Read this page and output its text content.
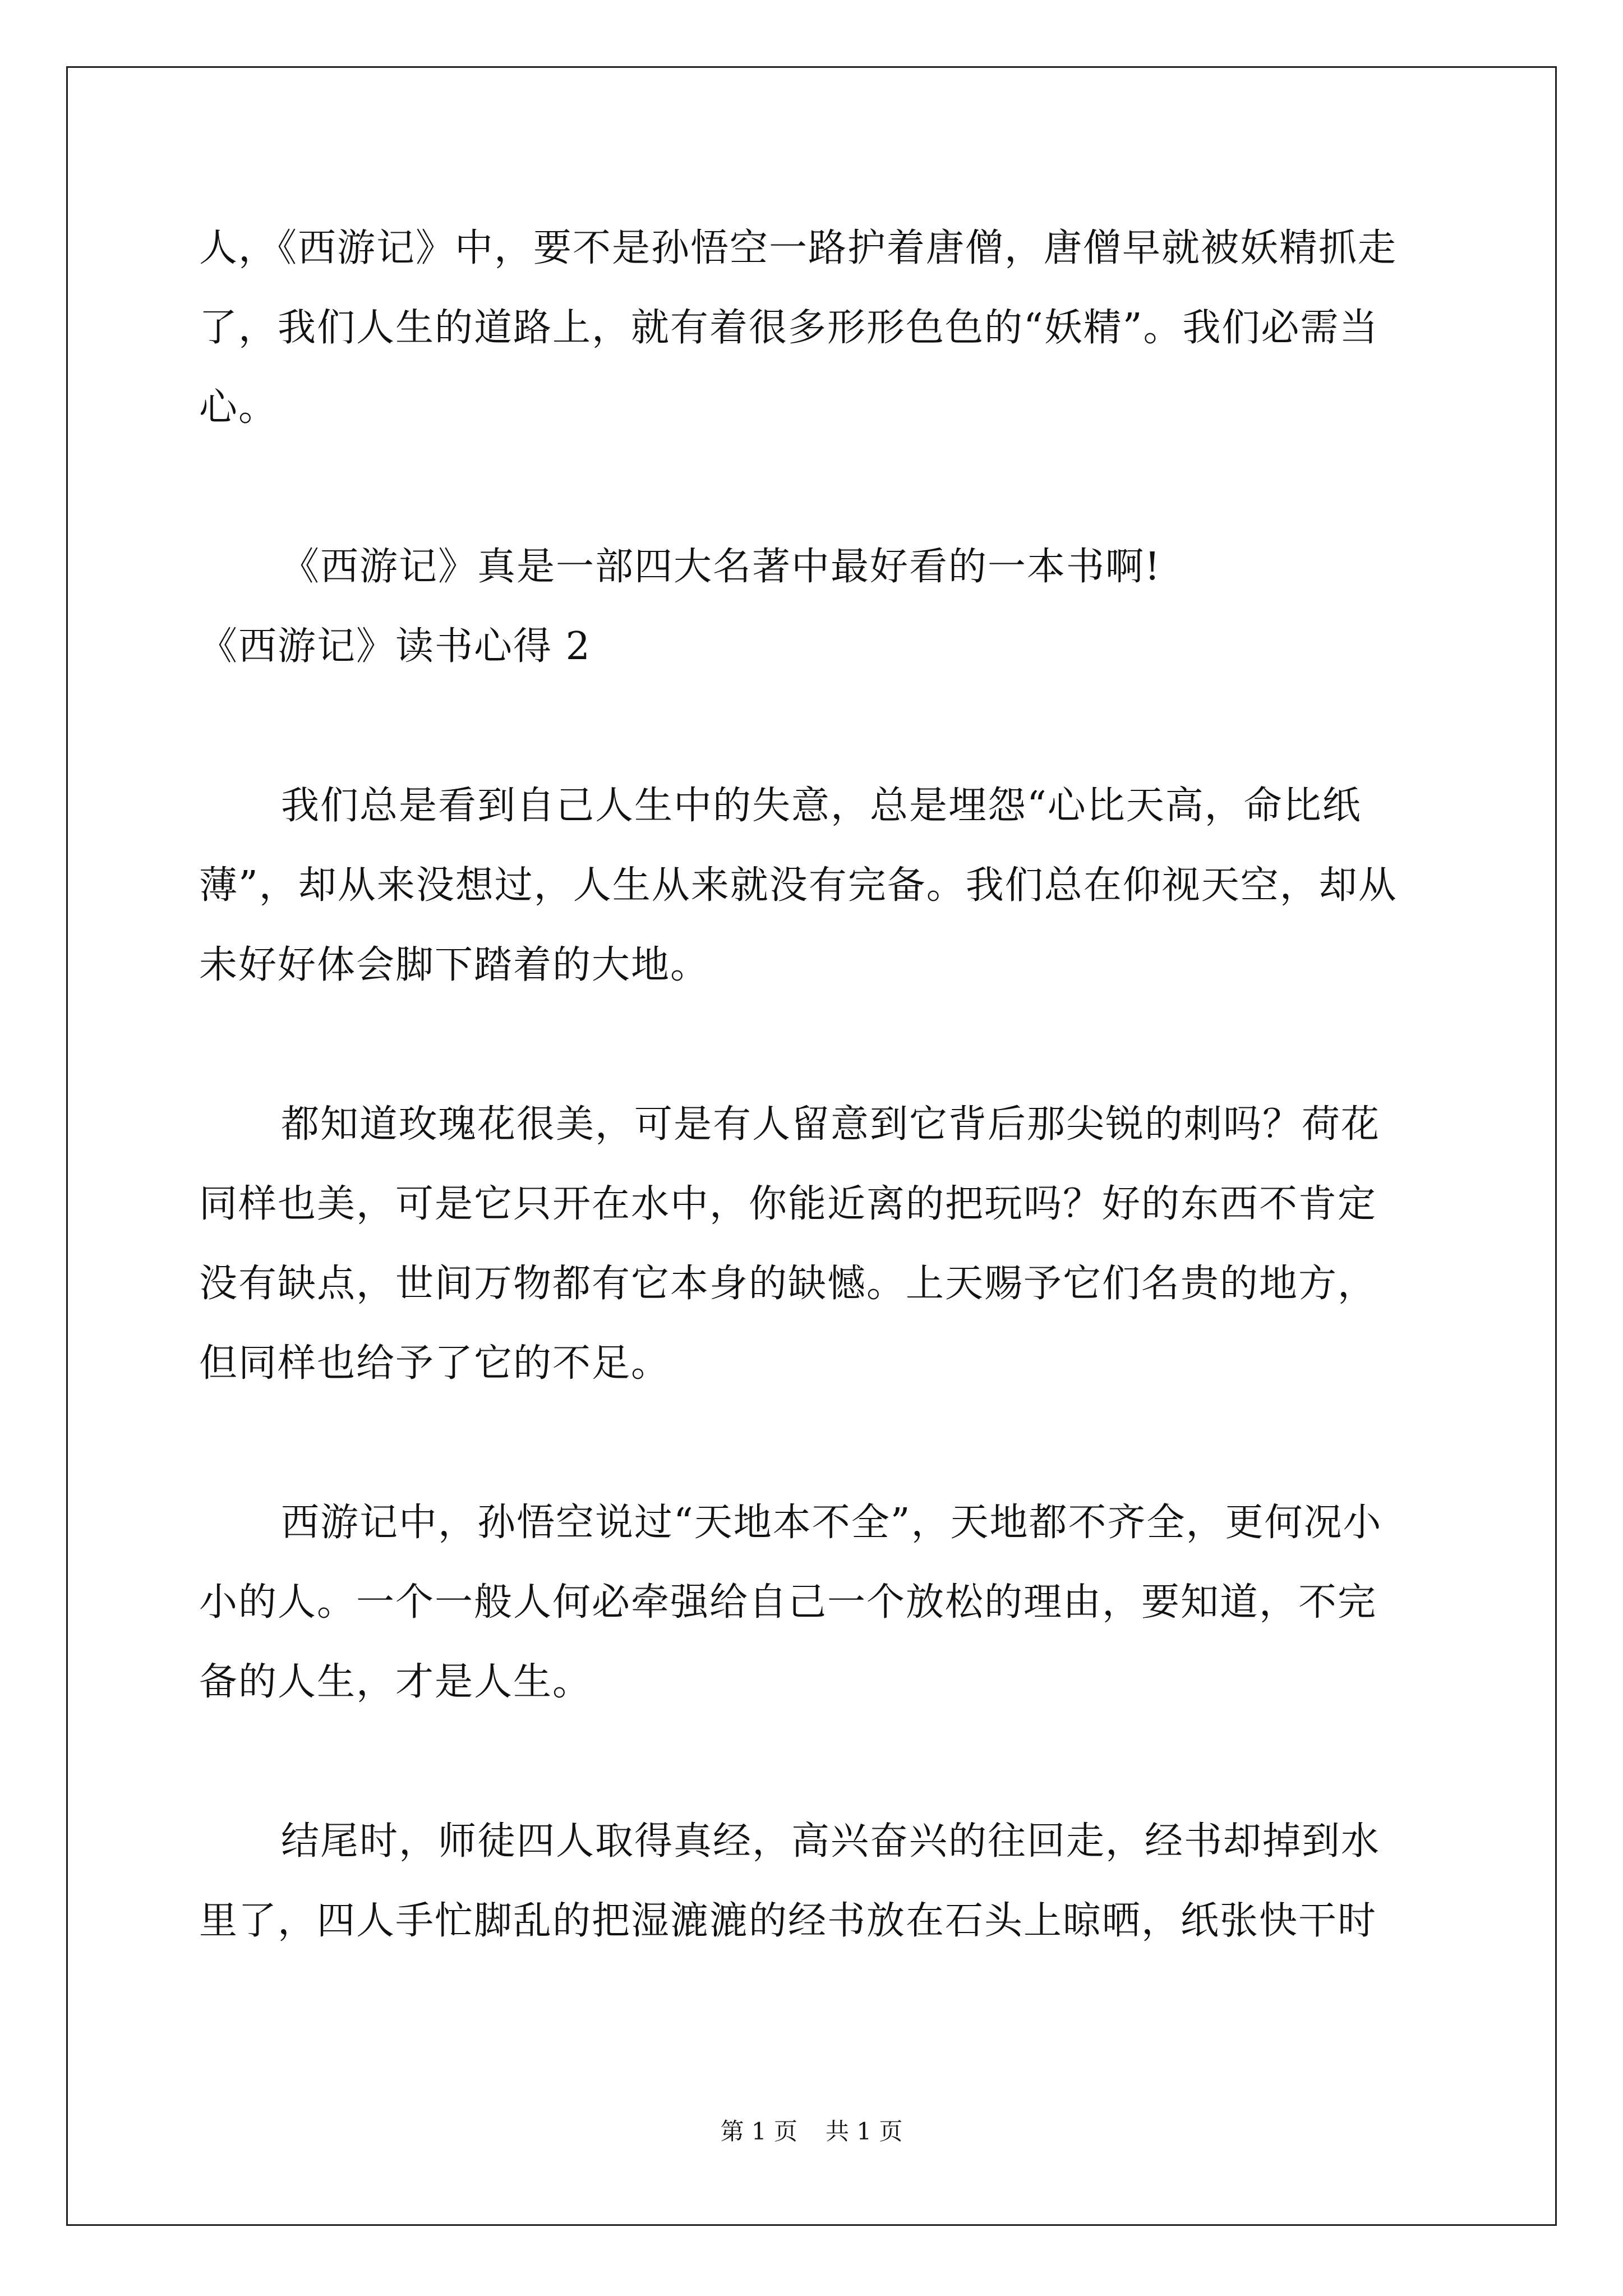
人，《西游记》中，要不是孙悟空一路护着唐僧，唐僧早就被妖精抓走
了，我们人生的道路上，就有着很多形形色色的“妖精”。我们必需当
心。
《西游记》真是一部四大名著中最好看的一本书啊!
《西游记》读书心得 2
我们总是看到自己人生中的失意，总是埋怨“心比天高，命比纸
薄”，却从来没想过，人生从来就没有完备。我们总在仰视天空，却从
未好好体会脚下踏着的大地。
都知道玫瑰花很美，可是有人留意到它背后那尖锐的刺吗？荷花
同样也美，可是它只开在水中，你能近离的把玩吗？好的东西不肯定
没有缺点，世间万物都有它本身的缺憾。上天赐予它们名贵的地方，
但同样也给予了它的不足。
西游记中，孙悟空说过“天地本不全”，天地都不齐全，更何况小
小的人。一个一般人何必牵强给自己一个放松的理由，要知道，不完
备的人生，才是人生。
结尾时，师徒四人取得真经，高兴奋兴的往回走，经书却掉到水
里了，四人手忙脚乱的把湿漉漉的经书放在石头上晾晒，纸张快干时
第 1 页 共 1 页
